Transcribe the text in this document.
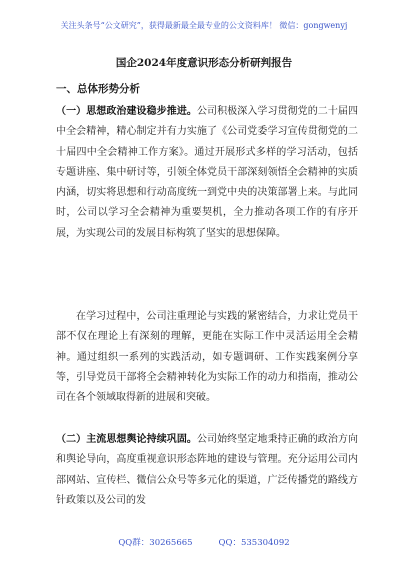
关注头条号“公文研究”，获得最新最全最专业的公文资料库！ 微信：gongwenyj
国企2024年度意识形态分析研判报告
一、总体形势分析
（一）思想政治建设稳步推进。公司积极深入学习贯彻党的二十届四中全会精神，精心制定并有力实施了《公司党委学习宣传贯彻党的二十届四中全会精神工作方案》。通过开展形式多样的学习活动，包括专题讲座、集中研讨等，引领全体党员干部深刻领悟全会精神的实质内涵，切实将思想和行动高度统一到党中央的决策部署上来。与此同时，公司以学习全会精神为重要契机，全力推动各项工作的有序开展，为实现公司的发展目标构筑了坚实的思想保障。
在学习过程中，公司注重理论与实践的紧密结合，力求让党员干部不仅在理论上有深刻的理解，更能在实际工作中灵活运用全会精神。通过组织一系列的实践活动，如专题调研、工作实践案例分享等，引导党员干部将全会精神转化为实际工作的动力和指南，推动公司在各个领域取得新的进展和突破。
（二）主流思想舆论持续巩固。公司始终坚定地秉持正确的政治方向和舆论导向，高度重视意识形态阵地的建设与管理。充分运用公司内部网站、宣传栏、微信公众号等多元化的渠道，广泛传播党的路线方针政策以及公司的发
QQ群：30265665	QQ：535304092
